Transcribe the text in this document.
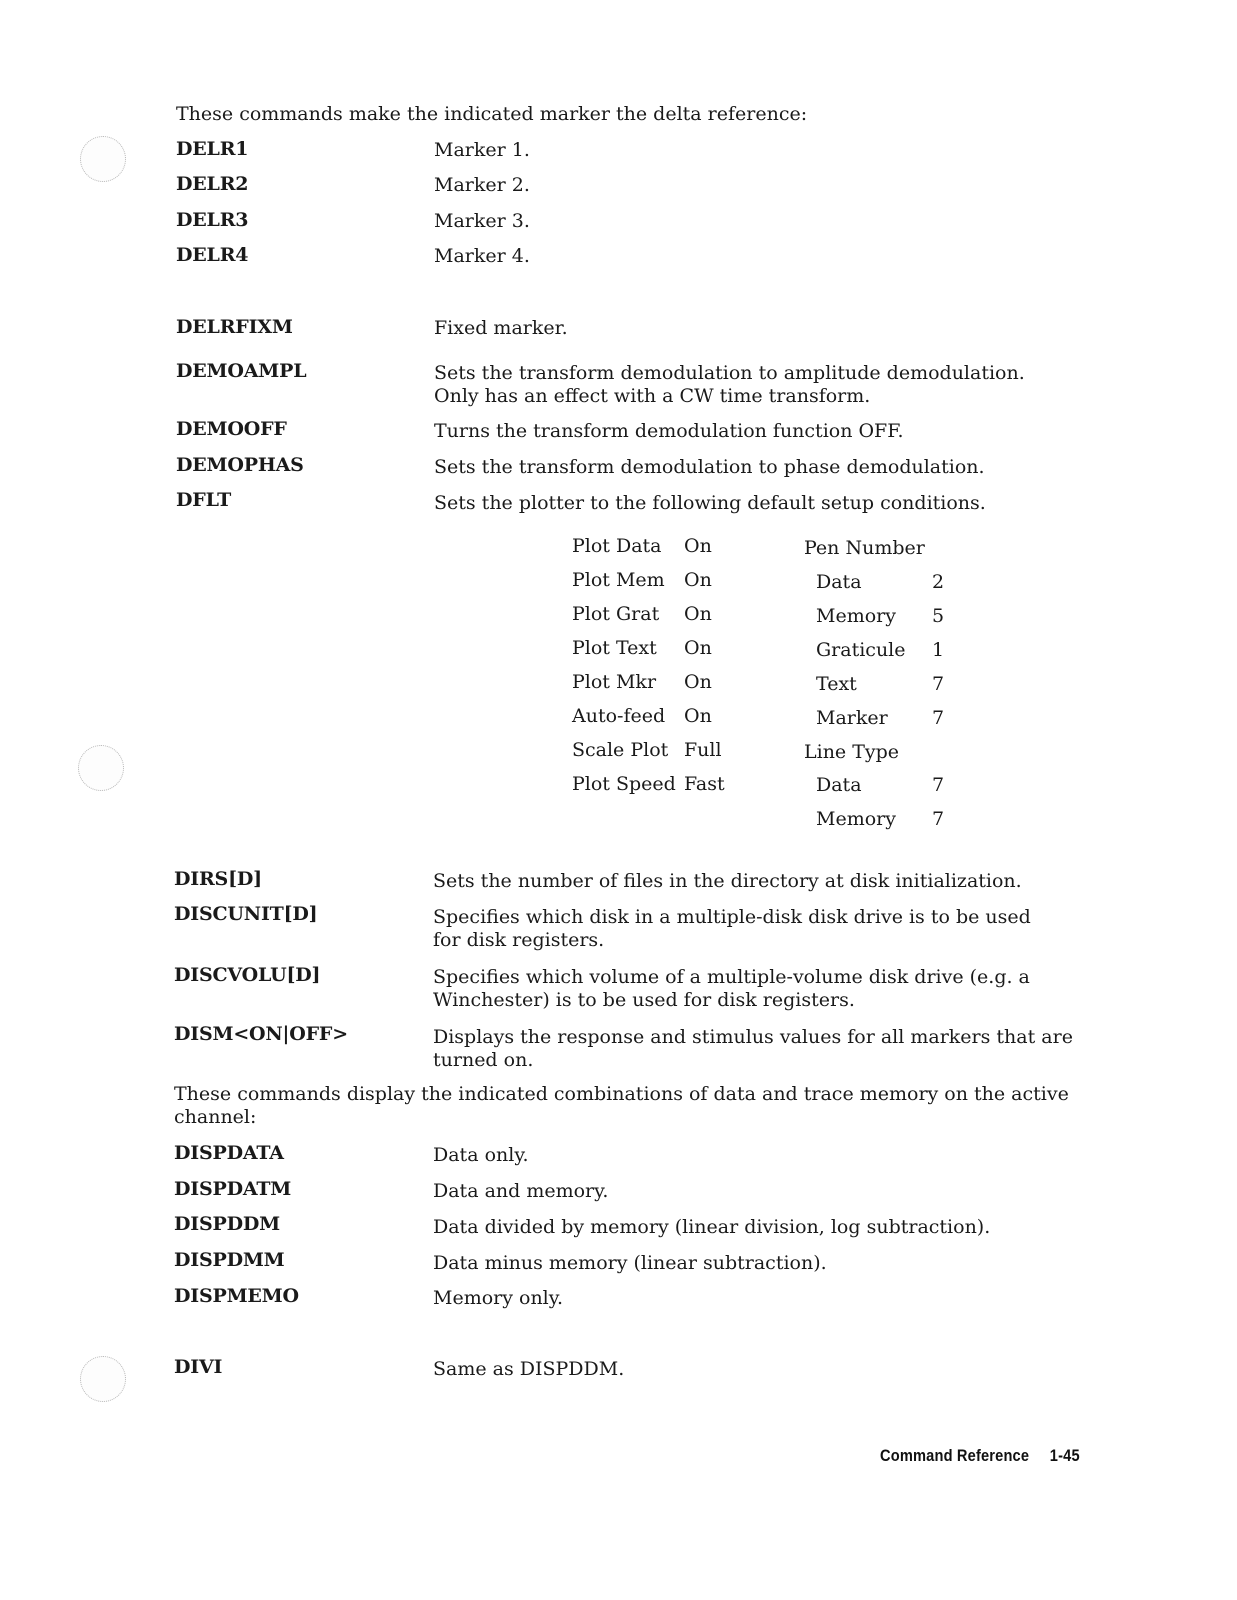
These commands make the indicated marker the delta reference:
DELR1	Marker 1.
DELR2	Marker 2.
DELR3	Marker 3.
DELR4	Marker 4.
DELRFIXM	Fixed marker.
DEMOAMPL	Sets the transform demodulation to amplitude demodulation. Only has an effect with a CW time transform.
DEMOOFF	Turns the transform demodulation function OFF.
DEMOPHAS	Sets the transform demodulation to phase demodulation.
DFLT	Sets the plotter to the following default setup conditions.
Plot Data On
Plot Mem On
Plot Grat On
Plot Text On
Plot Mkr On
Auto-feed On
Scale Plot Full
Plot Speed Fast
Pen Number
Data	2
Memory 5
Graticule 1
Text	7
Marker 7
Line Type
Data	7
Memory 7
DIRS[D]	Sets the number of files in the directory at disk initialization.
DISCUNIT[D]	Specifies which disk in a multiple-disk disk drive is to be used for disk registers.
DISCVOLU[D]	Specifies which volume of a multiple-volume disk drive (e.g. a Winchester) is to be used for disk registers.
DISM<ON|OFF>	Displays the response and stimulus values for all markers that are turned on.
These commands display the indicated combinations of data and trace memory on the active channel:
DISPDATA	Data only.
DISPDATM	Data and memory.
DISPDDM	Data divided by memory (linear division, log subtraction).
DISPDMM	Data minus memory (linear subtraction).
DISPMEMO	Memory only.
DIVI	Same as DISPDDM.
Command Reference 1-45
